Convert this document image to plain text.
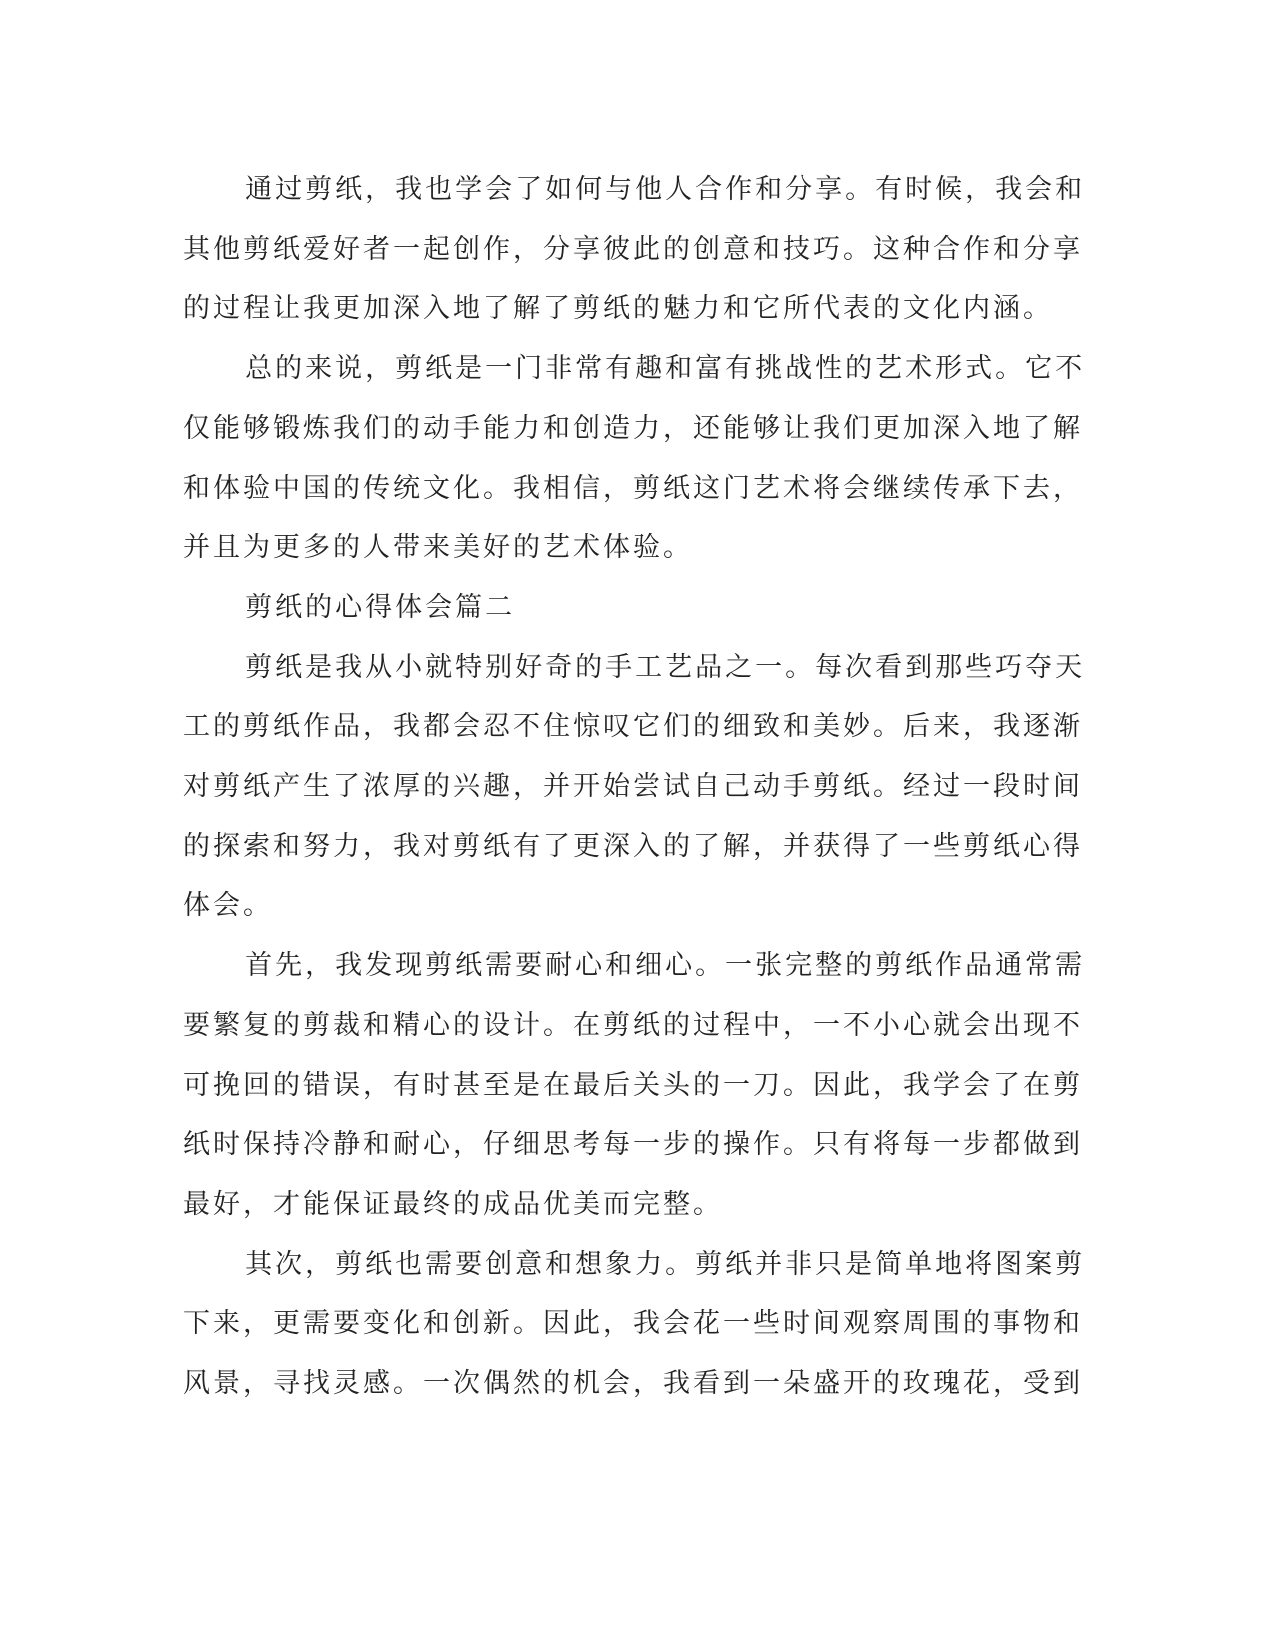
通过剪纸，我也学会了如何与他人合作和分享。有时候，我会和
其他剪纸爱好者一起创作，分享彼此的创意和技巧。这种合作和分享
的过程让我更加深入地了解了剪纸的魅力和它所代表的文化内涵。

总的来说，剪纸是一门非常有趣和富有挑战性的艺术形式。它不
仅能够锻炼我们的动手能力和创造力，还能够让我们更加深入地了解
和体验中国的传统文化。我相信，剪纸这门艺术将会继续传承下去，
并且为更多的人带来美好的艺术体验。

剪纸的心得体会篇二

剪纸是我从小就特别好奇的手工艺品之一。每次看到那些巧夺天
工的剪纸作品，我都会忍不住惊叹它们的细致和美妙。后来，我逐渐
对剪纸产生了浓厚的兴趣，并开始尝试自己动手剪纸。经过一段时间
的探索和努力，我对剪纸有了更深入的了解，并获得了一些剪纸心得
体会。

首先，我发现剪纸需要耐心和细心。一张完整的剪纸作品通常需
要繁复的剪裁和精心的设计。在剪纸的过程中，一不小心就会出现不
可挽回的错误，有时甚至是在最后关头的一刀。因此，我学会了在剪
纸时保持冷静和耐心，仔细思考每一步的操作。只有将每一步都做到
最好，才能保证最终的成品优美而完整。

其次，剪纸也需要创意和想象力。剪纸并非只是简单地将图案剪
下来，更需要变化和创新。因此，我会花一些时间观察周围的事物和
风景，寻找灵感。一次偶然的机会，我看到一朵盛开的玫瑰花，受到
